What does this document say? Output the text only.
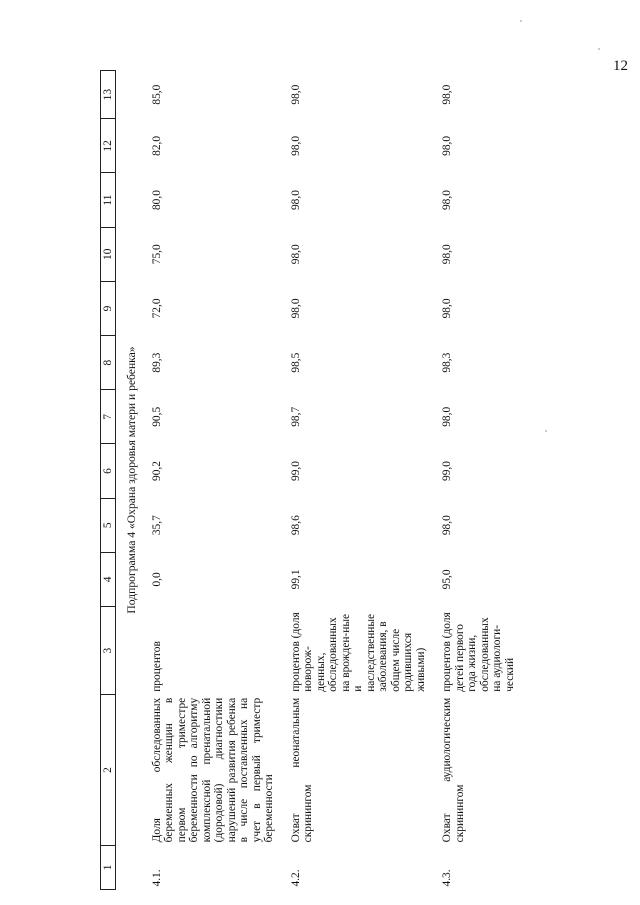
12
1	2	3	4	5	6	7	8	9	10	11	12	13
Подпрограмма 4 «Охрана здоровья матери и ребенка»												
4.1.	Доля обследованных беременных женщин в первом триместре беременности по алгоритму комплексной пренатальной (дородовой) диагностики нарушений развития ребенка в числе поставленных на учет в первый триместр беременности	процентов	0,0	35,7	90,2	90,5	89,3	72,0	75,0	80,0	82,0	85,0
4.2.	Охват неонатальным скринингом	процентов (доля новорож-денных, обследованных на врожден-ные и наследственные заболевания, в общем числе родившихся живыми)	99,1	98,6	99,0	98,7	98,5	98,0	98,0	98,0	98,0	98,0
4.3.	Охват аудиологическим скринингом	процентов (доля детей первого года жизни, обследованных на аудиологи-ческий	95,0	98,0	99,0	98,0	98,3	98,0	98,0	98,0	98,0	98,0
